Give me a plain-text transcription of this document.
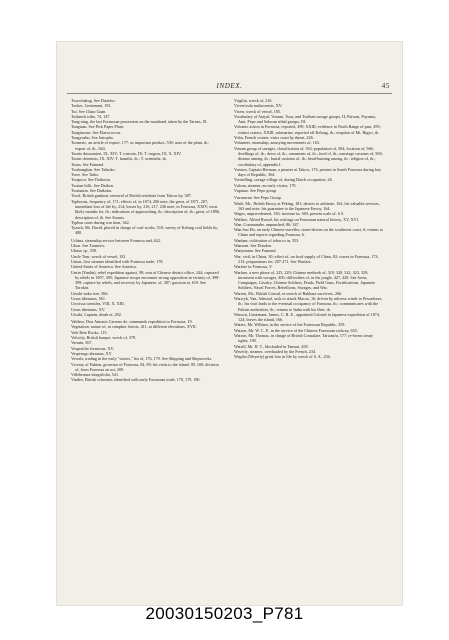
INDEX.	45

Twaschakug. See Daiacho.

Tucker, Lieutenant, 181.

Tui. See Chiao Gaan.

Tuibaeck tribe, 74, 147.

Tung ning, the last Formosan possession on the mainland, taken by the Tartars, 81.

Tungtaau. See Pick Paper Plant.

Tungtsuvan. See Elaeococcus.

Tungyushu. See Jatropha.

Turmeric, an article of export, 177; as important product, 530; uses of the plant, ib.; export of, ib., 644.

Turnix dussumieri, IX, XIV; T. rostrata, IX; T. taigoor, IX, X, XIV.

Turtur chinensis, IX, XIV; T. humilis, ib.; T. orientalis, ib.

Tutan. See Famond.

Twakangkan. See Taikoko.

Twee. See Taiho.

Twapoca. See Daikorin.

Twaiun hills. See Daikon.

Twaiuntin. See Daikoku.

Twod, British gunboat, removal of British residents from Takow by, 387.

Typhoons, frequency of, 171; effects of, in 1874, 206 note; the great, of 1871, 207; immediate loss of life by, 214; losses by, 216, 217, 236 note; in Formosa, XXIV; most likely months for, ib.; indications of approaching, ib.; description of, ib.; great, of 1896, description of, ib. See Storms.

Typhus cases during war time, 342.

Tyzack, Mr. David, placed in charge of coal works, 510; survey of Kelung coal fields by, 480.

Uchina, steamship service between Formosa and, 622.

Ukon. See Turmeric.

Ulmus sp., 558.

Uncle Tom, wreck of vessel, 181.

Union, first steamer identified with Formosa trade, 178.

United States of America. See America.

Unrin (Yunlin), rebel expedition against, 98; seat of Chinese district office, 244; captured by rebels in 1907, 395; Japanese troops encounter strong opposition in vicinity of, 398-399; capture by rebels, and recovery by Japanese, of, 387; garrison at, 619. See Torokin.

Urushi-noko tree, 566.

Ursus tibetanus, 561.

Urocissa caerulea, VIII, X, XIII.

Ursus tibetanus, XV.

Utsuki, Captain, death of, 292.

Valdeso, Don Antonio Carreno de, commands expedition to Formosa, 19.

Vegetation, nature of, in camphor forests, 411; at different elevations, XVII.

Vele Rete Rocks, 115.

Velocity, British barque, wreck of, 379.

Vermin, 567.

Vespertilio formosus, XV.

Vesperugo abramus, XV.

Vessels, trading in the early "sixties," list of, 176, 179. See Shipping and Shipwrecks.

Viceroy of Fukien, governor of Formosa, 84, 99; his visits to the island, 99, 100; division of, from Formosa an act, 209.

Villebrunea integrifolia, 541.

Vindex, British schooner, identified with early Formosan trade, 178, 179, 186.

Virgilia, wreck of, 216.

Viverricula malaccensis, XV.

Vixen, wreck of vessel, 185.

Vocabulary of Atayal, Vonum, Tsou, and Tsalisen savage groups, II; Paiwan, Puyuma, Ami, Pepo and Sekwan tribal groups, III.

Volcanic action in Formosa, reported, 499, XXIII; evidence in North Range of past, 495; extinct craters, XXIII, submarine, reported off Kelung, ib.; eruption of Mt. Rigyo, ib.

Volta, French cruiser, visits coast by threat, 226.

Volunteer, steamship, annoying movements of, 163.

Vonum group of savages, classification of, 563; population of, 564; location of, 566; dwellings of, ib.; dress of, ib.; ornaments of, ib.; food of, ib.; marriage customs of, 569; disease among, ib.; burial customs of, ib.; head-hunting among, ib.; religion of, ib.; vocabulary of, appendix I.

Vonters, Captain Herman, a pioneer at Takow, 173; present in South Formosa during last days of Republic, 364.

Vorstelling, savage village of, during Dutch occupation, 26.

Vulcan, steamer, an early visitor, 179.

Vuputao. See Pepo group.

Vuvanwan. See Pepo Group.

Wade, Mr., British Envoy at Peking, 181; desires to arbitrate, 162; his valuable services, 163 and note; his guarantee to the Japanese Envoy, 164.

Wages, unprecedented, 130; increase in, 369; present scale of, 6 0.

Wallace, Alfred Russel, his writings on Formosan natural history, XV, XVI.

Wan, Commander, unpunched, 86, 347.

Wan Sao Ho, an early Chinese traveller, storm-driven on the southwest coast, 6; returns to China and reports regarding Formosa, 6.

Wanban, cultivation of tobacco in, 353.

Wanwan. See Dondon.

Wanyuntan. See Famond.

War, civil, in China, 30; effect of, on food supply of China, 82; scares in Formosa, 173, 213; preparations for, 207-271. See Warfare.

Warfare in Formosa, V.

Warfare, a new phase of, 225, 229; Chinese methods of, 319, 320, 322, 323, 329; inconsent with savages, 400; difficulties of, in the jungle, 427, 428. See Arms, Campaigns, Cavalry, Chinese Soldiers, Feuds, Field Guns, Fortifications, Japanese Soldiers, Naval Forces, Rebellions, Savages, and War.

Warren, Mr., British Consul, in search of Bakhara survivors, 266.

Warwyk, Van, Admiral, sails to attack Macao, 16; driven by adverse winds to Pescadores, ib.; his visit leads to the eventual occupancy of Formosa, ib.; communicates with the Fukien authorities, ib.; returns to India with his fleet, ib.

Wasson, Lieutenant, James, C. R. E., appointed Colonel in Japanese expedition of 1874, 124; leaves the island, 166.

Waters, Mr. William, in the service of the Formosan Republic, 359.

Watson, Mr. W. C. P., in the service of the Chinese Formosan railway, 635.

Watson, Mr. Thomas, in charge of British Consulate, Taiwanfu, 177; re-forms treaty rights, 190.

Watsill, Mr. H. T., blockaded in Tamsui, 458.

Waverly, steamer, overhauled by the French, 234.

Wegiba (Weyerly) great loss in life by wreck of S. S., 236.

20030150203_P781
